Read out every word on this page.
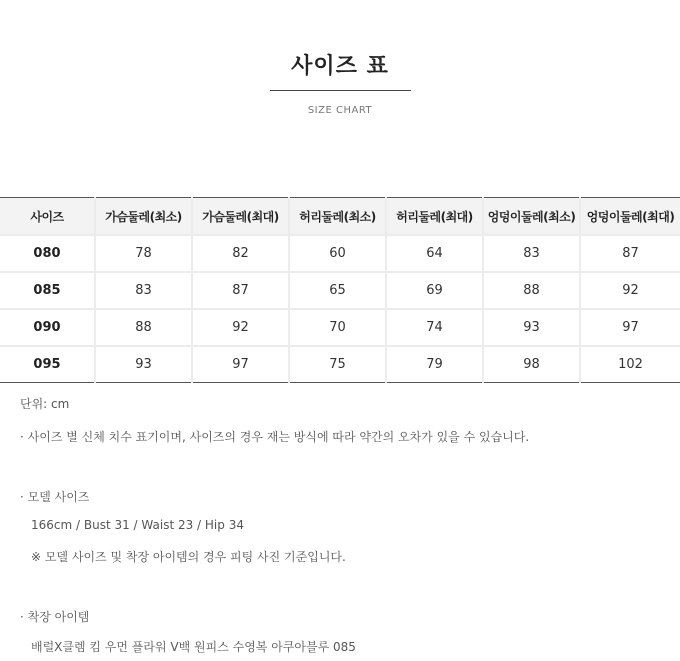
사이즈 표
SIZE CHART
사이즈	가슴둘레(최소)	가슴둘레(최대)	허리둘레(최소)	허리둘레(최대)	엉덩이둘레(최소)	엉덩이둘레(최대)
080	78	82	60	64	83	87
085	83	87	65	69	88	92
090	88	92	70	74	93	97
095	93	97	75	79	98	102
단위: cm
· 사이즈 별 신체 치수 표기이며, 사이즈의 경우 재는 방식에 따라 약간의 오차가 있을 수 있습니다.
· 모델 사이즈
166cm / Bust 31 / Waist 23 / Hip 34
※ 모델 사이즈 및 착장 아이템의 경우 피팅 사진 기준입니다.
· 착장 아이템
배럴X클렘 킴 우먼 플라워 V백 원피스 수영복 아쿠아블루 085
